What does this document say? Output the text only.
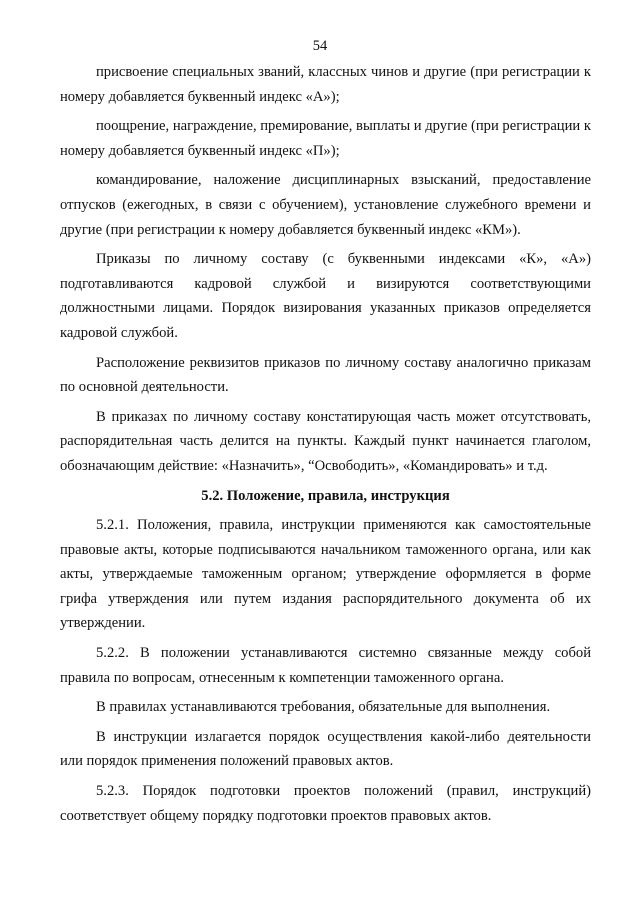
54

присвоение специальных званий, классных чинов и другие (при регистрации к номеру добавляется буквенный индекс «А»);

поощрение, награждение, премирование, выплаты и другие (при регистрации к номеру добавляется буквенный индекс «П»);

командирование, наложение дисциплинарных взысканий, предоставление отпусков (ежегодных, в связи с обучением), установление служебного времени и другие (при регистрации к номеру добавляется буквенный индекс «КМ»).

Приказы по личному составу (с буквенными индексами «К», «А») подготавливаются кадровой службой и визируются соответствующими должностными лицами. Порядок визирования указанных приказов определяется кадровой службой.

Расположение реквизитов приказов по личному составу аналогично приказам по основной деятельности.

В приказах по личному составу констатирующая часть может отсутствовать, распорядительная часть делится на пункты. Каждый пункт начинается глаголом, обозначающим действие: «Назначить», “Освободить», «Командировать» и т.д.

5.2. Положение, правила, инструкция

5.2.1. Положения, правила, инструкции применяются как самостоятельные правовые акты, которые подписываются начальником таможенного органа, или как акты, утверждаемые таможенным органом; утверждение оформляется в форме грифа утверждения или путем издания распорядительного документа об их утверждении.

5.2.2. В положении устанавливаются системно связанные между собой правила по вопросам, отнесенным к компетенции таможенного органа.

В правилах устанавливаются требования, обязательные для выполнения.

В инструкции излагается порядок осуществления какой-либо деятельности или порядок применения положений правовых актов.

5.2.3. Порядок подготовки проектов положений (правил, инструкций) соответствует общему порядку подготовки проектов правовых актов.
